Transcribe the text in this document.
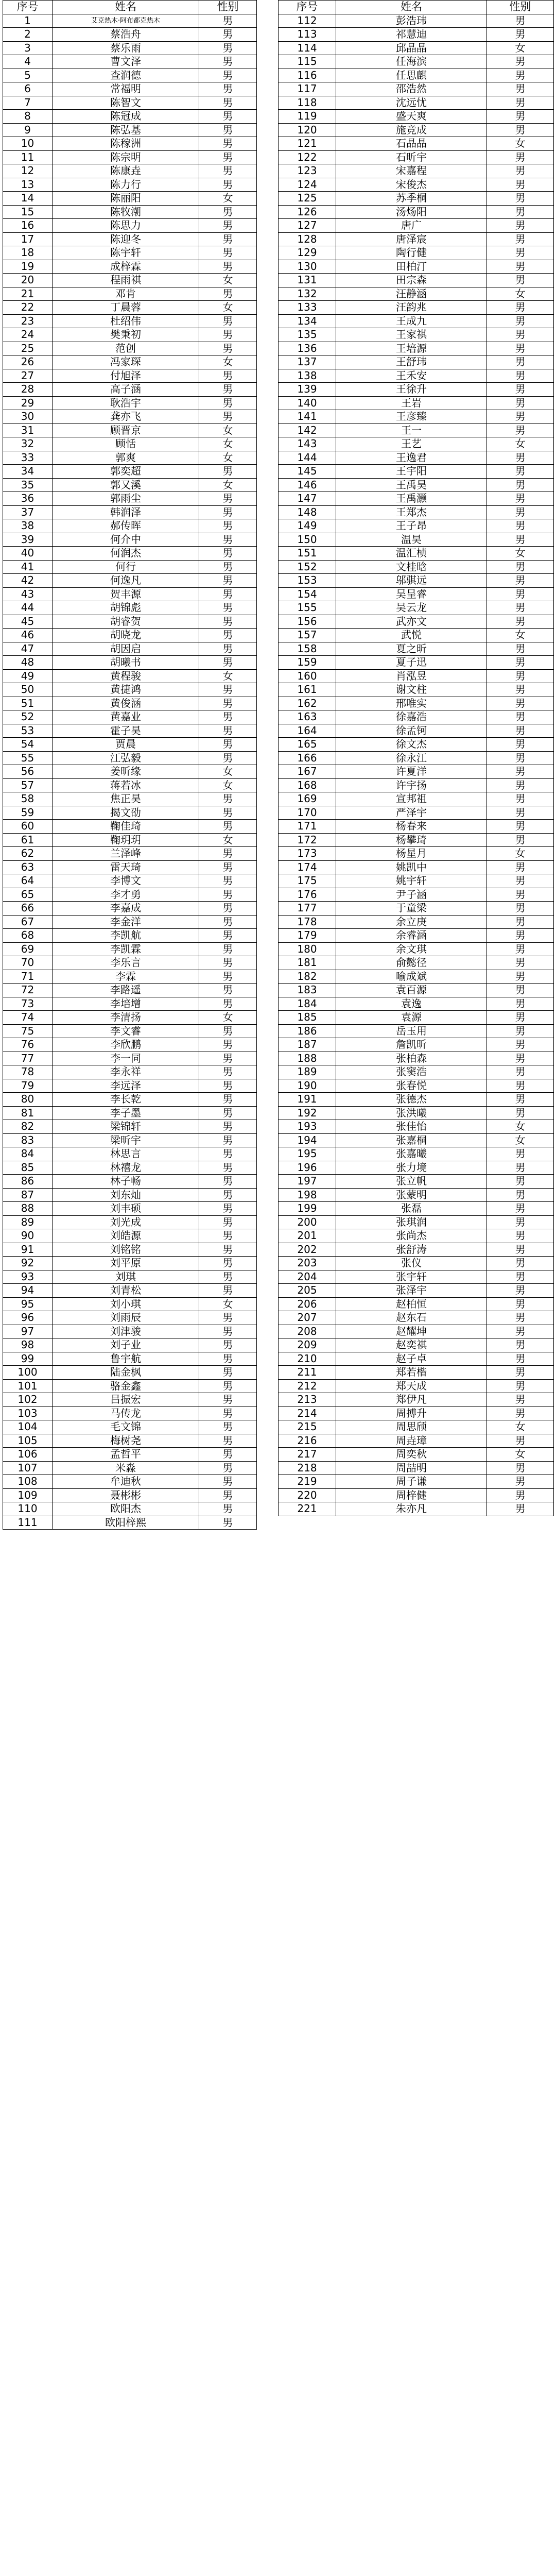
序号	姓名	性别
1	艾克热木·阿布都克热木	男
2	蔡浩舟	男
3	蔡乐雨	男
4	曹文泽	男
5	查润德	男
6	常福明	男
7	陈智文	男
8	陈冠成	男
9	陈弘基	男
10	陈稼洲	男
11	陈宗明	男
12	陈康垚	男
13	陈力行	男
14	陈丽阳	女
15	陈牧潮	男
16	陈思力	男
17	陈迎冬	男
18	陈宇轩	男
19	成梓霖	男
20	程雨祺	女
21	邓肯	男
22	丁晨蓉	女
23	杜绍伟	男
24	樊秉初	男
25	范创	男
26	冯家琛	女
27	付旭泽	男
28	高子涵	男
29	耿浩宇	男
30	龚亦飞	男
31	顾晋京	女
32	顾恬	女
33	郭爽	女
34	郭奕超	男
35	郭又溪	女
36	郭雨尘	男
37	韩润泽	男
38	郝传晖	男
39	何介中	男
40	何润杰	男
41	何行	男
42	何逸凡	男
43	贺丰源	男
44	胡锦彪	男
45	胡睿贺	男
46	胡晓龙	男
47	胡因启	男
48	胡曦书	男
49	黄程骏	女
50	黄捷鸿	男
51	黄俊涵	男
52	黄嘉业	男
53	霍子昊	男
54	贾晨	男
55	江弘毅	男
56	姜昕缘	女
57	蒋若冰	女
58	焦正昊	男
59	揭文劭	男
60	鞠佳琦	男
61	鞠玥玥	女
62	兰泽峰	男
63	雷天琦	男
64	李博文	男
65	李才勇	男
66	李嘉成	男
67	李金洋	男
68	李凯航	男
69	李凯霖	男
70	李乐言	男
71	李霖	男
72	李路遥	男
73	李培增	男
74	李清扬	女
75	李文睿	男
76	李欣鹏	男
77	李一同	男
78	李永祥	男
79	李远泽	男
80	李长乾	男
81	李子墨	男
82	梁锦轩	男
83	梁昕宇	男
84	林思言	男
85	林禧龙	男
86	林子畅	男
87	刘东灿	男
88	刘丰硕	男
89	刘光成	男
90	刘皓源	男
91	刘铭铭	男
92	刘平原	男
93	刘琪	男
94	刘青松	男
95	刘小琪	女
96	刘雨辰	男
97	刘津骏	男
98	刘子业	男
99	鲁宇航	男
100	陆金枫	男
101	骆金鑫	男
102	吕振宏	男
103	马传龙	男
104	毛文锦	男
105	梅树尧	男
106	孟哲平	男
107	米淼	男
108	牟迪秋	男
109	聂彬彬	男
110	欧阳杰	男
111	欧阳梓熙	男
序号	姓名	性别
112	彭浩玮	男
113	祁慧迪	男
114	邱晶晶	女
115	任海滨	男
116	任思麒	男
117	邵浩然	男
118	沈远忧	男
119	盛天爽	男
120	施竞成	男
121	石晶晶	女
122	石昕宇	男
123	宋嘉程	男
124	宋俊杰	男
125	苏季桐	男
126	汤炀阳	男
127	唐广	男
128	唐泽宸	男
129	陶行健	男
130	田柏汀	男
131	田宗森	男
132	汪静涵	女
133	汪韵兆	男
134	王成九	男
135	王家祺	男
136	王培源	男
137	王舒玮	男
138	王禾安	男
139	王徐升	男
140	王岩	男
141	王彦臻	男
142	王一	男
143	王艺	女
144	王逸君	男
145	王宇阳	男
146	王禹昊	男
147	王禹灏	男
148	王郑杰	男
149	王子昂	男
150	温昊	男
151	温汇桢	女
152	文桂晗	男
153	邬骐远	男
154	吴呈睿	男
155	吴云龙	男
156	武亦文	男
157	武悦	女
158	夏之昕	男
159	夏子迅	男
160	肖泓昱	男
161	谢文柱	男
162	邢唯实	男
163	徐嘉浩	男
164	徐孟钶	男
165	徐文杰	男
166	徐永江	男
167	许夏洋	男
168	许宇扬	男
169	宣邦祖	男
170	严泽宇	男
171	杨春来	男
172	杨攀琦	男
173	杨星月	女
174	姚凯中	男
175	姚宇轩	男
176	尹子涵	男
177	于童梁	男
178	余立庚	男
179	余睿涵	男
180	余文琪	男
181	俞懿径	男
182	喻成斌	男
183	袁百源	男
184	袁逸	男
185	袁源	男
186	岳玉用	男
187	詹凯昕	男
188	张柏森	男
189	张窦浩	男
190	张春悦	男
191	张德杰	男
192	张洪曦	男
193	张佳怡	女
194	张嘉桐	女
195	张嘉曦	男
196	张力境	男
197	张立帆	男
198	张蒙明	男
199	张磊	男
200	张琪润	男
201	张尚杰	男
202	张舒涛	男
203	张仪	男
204	张宇轩	男
205	张泽宇	男
206	赵柏恒	男
207	赵东石	男
208	赵耀坤	男
209	赵奕祺	男
210	赵子卓	男
211	郑若楷	男
212	郑天成	男
213	郑伊凡	男
214	周搏升	男
215	周思颀	女
216	周垚璋	男
217	周奕秋	女
218	周喆明	男
219	周子谦	男
220	周梓健	男
221	朱亦凡	男
